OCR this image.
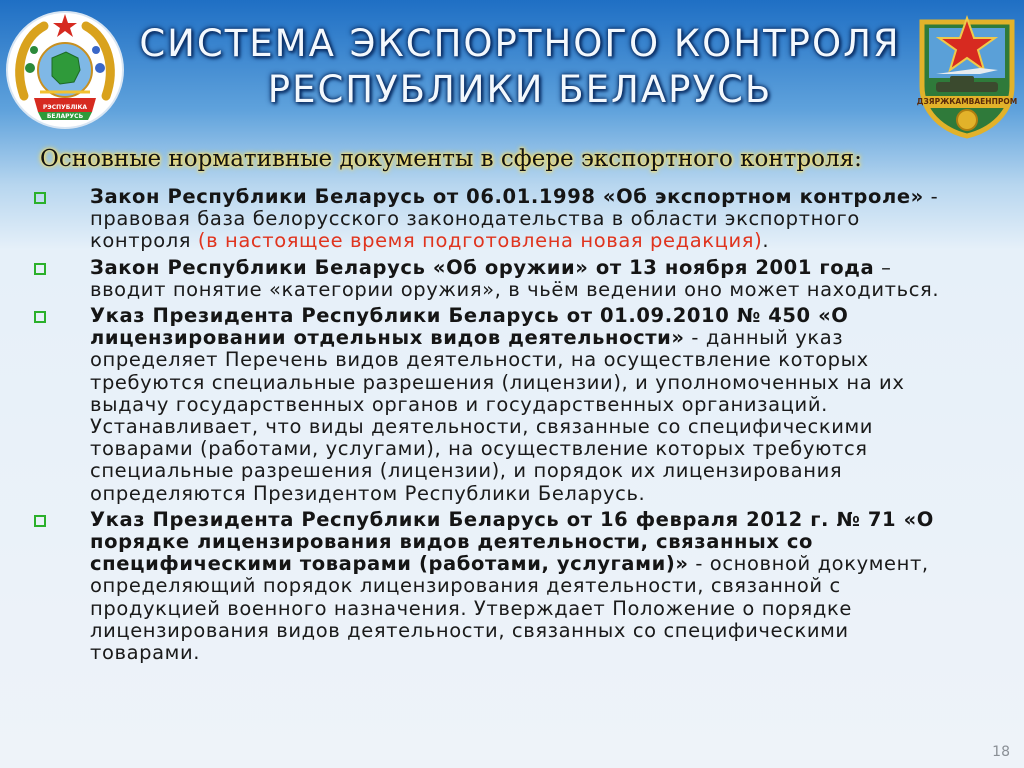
РЭСПУБЛІКА
БЕЛАРУСЬ
СИСТЕМА ЭКСПОРТНОГО КОНТРОЛЯ
РЕСПУБЛИКИ БЕЛАРУСЬ	ДЗЯРЖКАМВАЕНПРОМ
Основные нормативные документы в сфере экспортного контроля:
Закон Республики Беларусь от 06.01.1998 «Об экспортном контроле» - правовая база белорусского законодательства в области экспортного контроля (в настоящее время подготовлена новая редакция).
Закон Республики Беларусь «Об оружии» от 13 ноября 2001 года – вводит понятие «категории оружия», в чьём ведении оно может находиться.
Указ Президента Республики Беларусь от 01.09.2010 № 450 «О лицензировании отдельных видов деятельности» - данный указ определяет Перечень видов деятельности, на осуществление которых требуются специальные разрешения (лицензии), и уполномоченных на их выдачу государственных органов и государственных организаций. Устанавливает, что виды деятельности, связанные со специфическими товарами (работами, услугами), на осуществление которых требуются специальные разрешения (лицензии), и порядок их лицензирования определяются Президентом Республики Беларусь.
Указ Президента Республики Беларусь от 16 февраля 2012 г. № 71 «О порядке лицензирования видов деятельности, связанных со специфическими товарами (работами, услугами)» - основной документ, определяющий порядок лицензирования деятельности, связанной с продукцией военного назначения. Утверждает Положение о порядке лицензирования видов деятельности, связанных со специфическими товарами.
18
